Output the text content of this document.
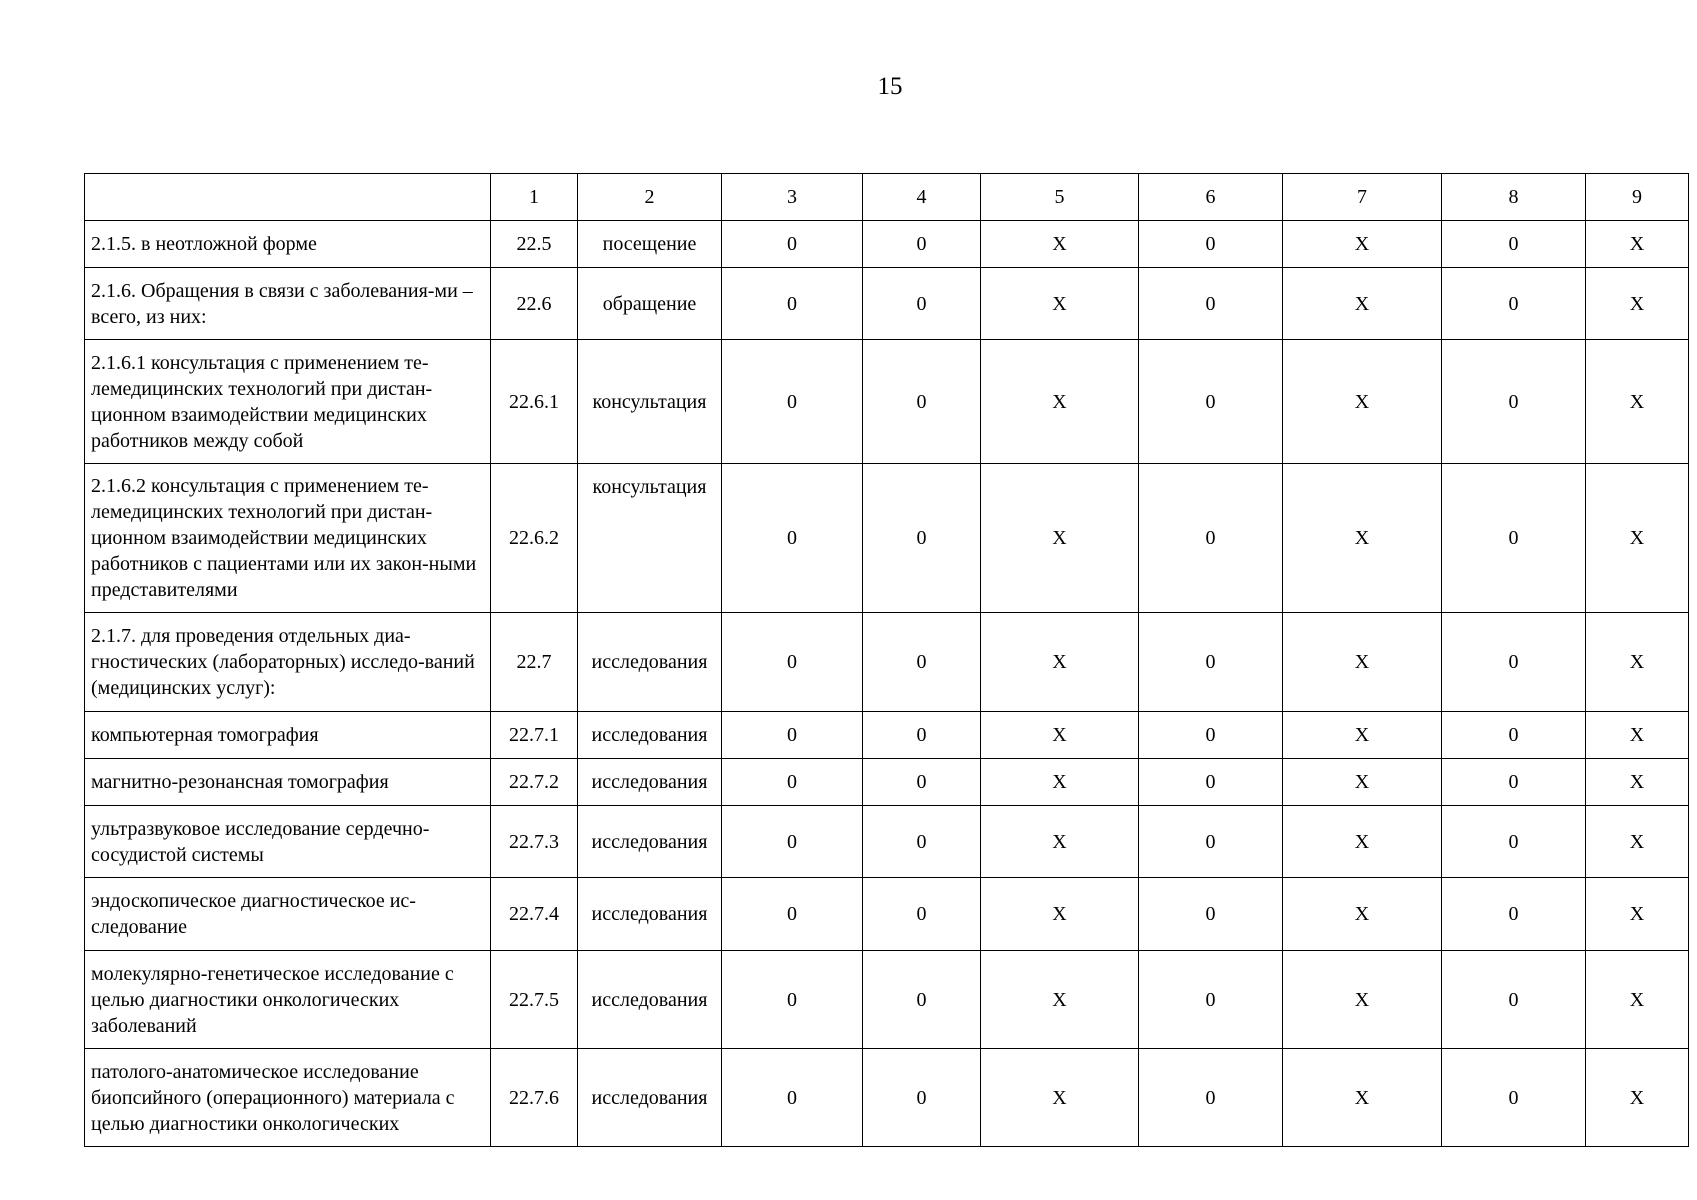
15
	1	2	3	4	5	6	7	8	9
2.1.5. в неотложной форме	22.5	посещение	0	0	Х	0	Х	0	Х
2.1.6. Обращения в связи с заболевания-ми – всего, из них:	22.6	обращение	0	0	Х	0	Х	0	Х
2.1.6.1 консультация с применением те-лемедицинских технологий при дистан-ционном взаимодействии медицинских работников между собой	22.6.1	консультация	0	0	Х	0	Х	0	Х
2.1.6.2 консультация с применением те-лемедицинских технологий при дистан-ционном взаимодействии медицинских работников с пациентами или их закон-ными представителями	22.6.2	консультация	0	0	Х	0	Х	0	Х
2.1.7. для проведения отдельных диа-гностических (лабораторных) исследо-ваний (медицинских услуг):	22.7	исследования	0	0	Х	0	Х	0	Х
компьютерная томография	22.7.1	исследования	0	0	Х	0	Х	0	Х
магнитно-резонансная томография	22.7.2	исследования	0	0	Х	0	Х	0	Х
ультразвуковое исследование сердечно-сосудистой системы	22.7.3	исследования	0	0	Х	0	Х	0	Х
эндоскопическое диагностическое ис-следование	22.7.4	исследования	0	0	Х	0	Х	0	Х
молекулярно-генетическое исследование с целью диагностики онкологических заболеваний	22.7.5	исследования	0	0	Х	0	Х	0	Х
патолого-анатомическое исследование биопсийного (операционного) материала с целью диагностики онкологических	22.7.6	исследования	0	0	Х	0	Х	0	Х
